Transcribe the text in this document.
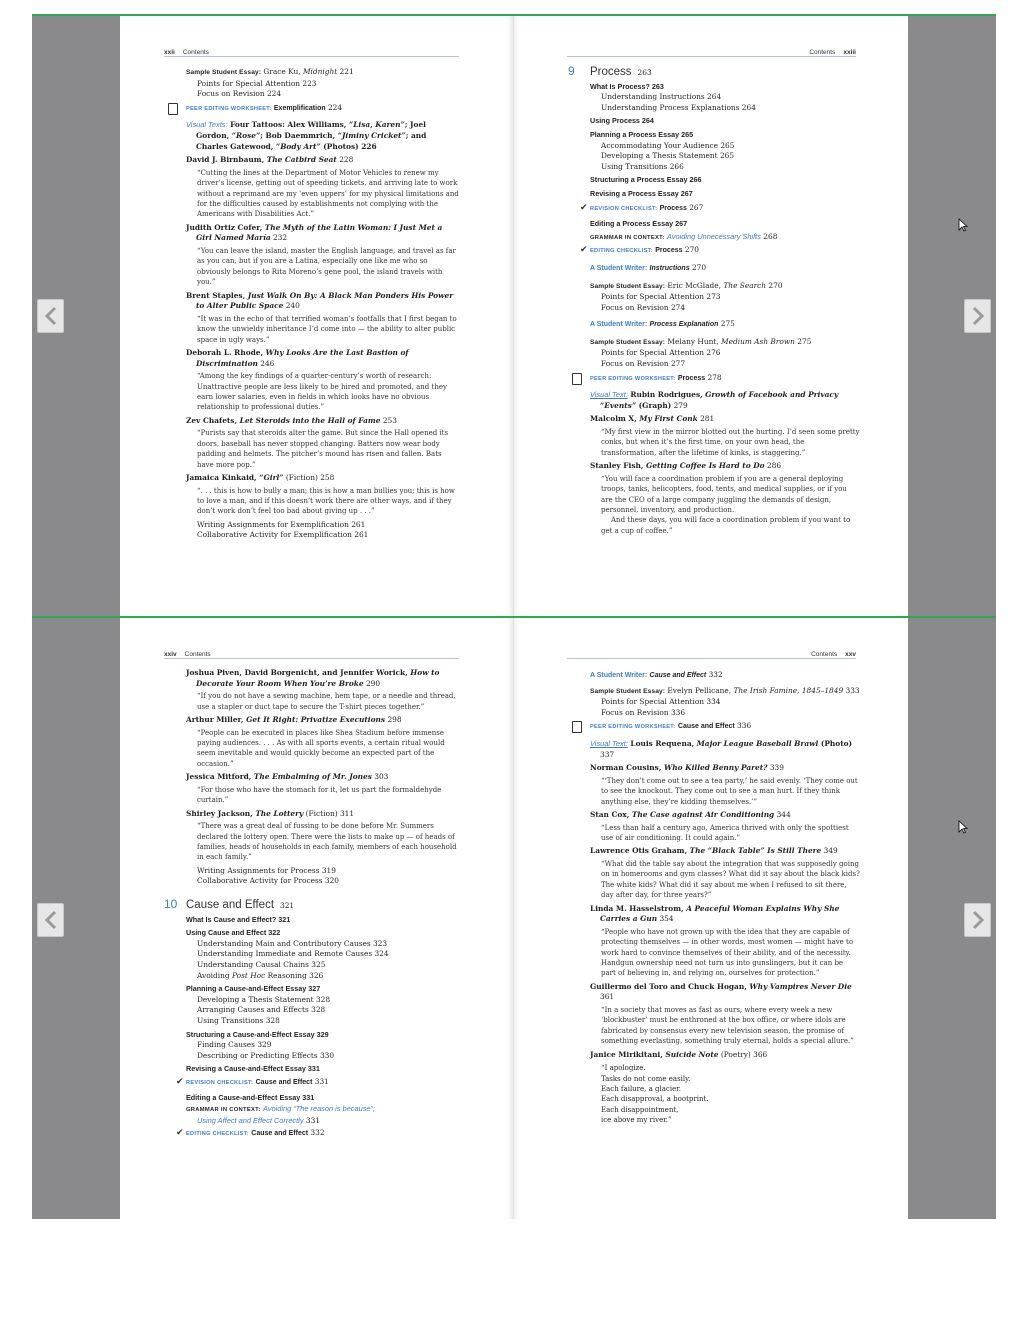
xxii Contents
Sample Student Essay: Grace Ku, Midnight 221
Points for Special Attention 223
Focus on Revision 224
PEER EDITING WORKSHEET: Exemplification 224
Visual Texts: Four Tattoos: Alex Williams, “Lisa, Karen”; Joel Gordon, “Rose”; Bob Daemmrich, “Jiminy Cricket”; and Charles Gatewood, “Body Art” (Photos) 226
David J. Birnbaum, The Catbird Seat 228
“Cutting the lines at the Department of Motor Vehicles to renew my driver’s license, getting out of speeding tickets, and arriving late to work without a reprimand are my ‘even uppers’ for my physical limitations and for the difficulties caused by establishments not complying with the Americans with Disabilities Act.”
Judith Ortiz Cofer, The Myth of the Latin Woman: I Just Met a Girl Named María 232
“You can leave the island, master the English language, and travel as far as you can, but if you are a Latina, especially one like me who so obviously belongs to Rita Moreno’s gene pool, the island travels with you.”
Brent Staples, Just Walk On By: A Black Man Ponders His Power to Alter Public Space 240
“It was in the echo of that terrified woman’s footfalls that I first began to know the unwieldy inheritance I’d come into — the ability to alter public space in ugly ways.”
Deborah L. Rhode, Why Looks Are the Last Bastion of Discrimination 246
“Among the key findings of a quarter-century’s worth of research: Unattractive people are less likely to be hired and promoted, and they earn lower salaries, even in fields in which looks have no obvious relationship to professional duties.”
Zev Chafets, Let Steroids into the Hall of Fame 253
“Purists say that steroids alter the game. But since the Hall opened its doors, baseball has never stopped changing. Batters now wear body padding and helmets. The pitcher’s mound has risen and fallen. Bats have more pop.”
Jamaica Kinkaid, “Girl” (Fiction) 258
“. . . this is how to bully a man; this is how a man bullies you; this is how to love a man, and if this doesn’t work there are other ways, and if they don’t work don’t feel too bad about giving up . . .”
Writing Assignments for Exemplification 261
Collaborative Activity for Exemplification 261
Contents xxiii
9	Process 263
What Is Process? 263
Understanding Instructions 264
Understanding Process Explanations 264
Using Process 264
Planning a Process Essay 265
Accommodating Your Audience 265
Developing a Thesis Statement 265
Using Transitions 266
Structuring a Process Essay 266
Revising a Process Essay 267
✔ REVISION CHECKLIST: Process 267
Editing a Process Essay 267
GRAMMAR IN CONTEXT: Avoiding Unnecessary Shifts 268
✔ EDITING CHECKLIST: Process 270
A Student Writer: Instructions 270
Sample Student Essay: Eric McGlade, The Search 270
Points for Special Attention 273
Focus on Revision 274
A Student Writer: Process Explanation 275
Sample Student Essay: Melany Hunt, Medium Ash Brown 275
Points for Special Attention 276
Focus on Revision 277
PEER EDITING WORKSHEET: Process 278
Visual Text: Rubin Rodrigues, Growth of Facebook and Privacy “Events” (Graph) 279
Malcolm X, My First Conk 281
“My first view in the mirror blotted out the hurting. I’d seen some pretty conks, but when it’s the first time, on your own head, the transformation, after the lifetime of kinks, is staggering.”
Stanley Fish, Getting Coffee Is Hard to Do 286
“You will face a coordination problem if you are a general deploying troops, tanks, helicopters, food, tents, and medical supplies, or if you are the CEO of a large company juggling the demands of design, personnel, inventory, and production.
And these days, you will face a coordination problem if you want to get a cup of coffee.”
xxiv Contents
Joshua Piven, David Borgenicht, and Jennifer Worick, How to Decorate Your Room When You’re Broke 290
“If you do not have a sewing machine, hem tape, or a needle and thread, use a stapler or duct tape to secure the T-shirt pieces together.”
Arthur Miller, Get It Right: Privatize Executions 298
“People can be executed in places like Shea Stadium before immense paying audiences. . . . As with all sports events, a certain ritual would seem inevitable and would quickly become an expected part of the occasion.”
Jessica Mitford, The Embalming of Mr. Jones 303
“For those who have the stomach for it, let us part the formaldehyde curtain.”
Shirley Jackson, The Lottery (Fiction) 311
“There was a great deal of fussing to be done before Mr. Summers declared the lottery open. There were the lists to make up — of heads of families, heads of households in each family, members of each household in each family.”
Writing Assignments for Process 319
Collaborative Activity for Process 320
10 Cause and Effect 321
What Is Cause and Effect? 321
Using Cause and Effect 322
Understanding Main and Contributory Causes 323
Understanding Immediate and Remote Causes 324
Understanding Causal Chains 325
Avoiding Post Hoc Reasoning 326
Planning a Cause-and-Effect Essay 327
Developing a Thesis Statement 328
Arranging Causes and Effects 328
Using Transitions 328
Structuring a Cause-and-Effect Essay 329
Finding Causes 329
Describing or Predicting Effects 330
Revising a Cause-and-Effect Essay 331
✔ REVISION CHECKLIST: Cause and Effect 331
Editing a Cause-and-Effect Essay 331
GRAMMAR IN CONTEXT: Avoiding “The reason is because”;
Using Affect and Effect Correctly 331
✔ EDITING CHECKLIST: Cause and Effect 332
Contents xxv
A Student Writer: Cause and Effect 332
Sample Student Essay: Evelyn Pellicane, The Irish Famine, 1845–1849 333
Points for Special Attention 334
Focus on Revision 336
PEER EDITING WORKSHEET: Cause and Effect 336
Visual Text: Louis Requena, Major League Baseball Brawl (Photo) 337
Norman Cousins, Who Killed Benny Paret? 339
“‘They don’t come out to see a tea party,’ he said evenly. ‘They come out to see the knockout. They come out to see a man hurt. If they think anything else, they’re kidding themselves.’”
Stan Cox, The Case against Air Conditioning 344
“Less than half a century ago, America thrived with only the spottiest use of air conditioning. It could again.”
Lawrence Otis Graham, The “Black Table” Is Still There 349
“What did the table say about the integration that was supposedly going on in homerooms and gym classes? What did it say about the black kids? The white kids? What did it say about me when I refused to sit there, day after day, for three years?”
Linda M. Hasselstrom, A Peaceful Woman Explains Why She Carries a Gun 354
“People who have not grown up with the idea that they are capable of protecting themselves — in other words, most women — might have to work hard to convince themselves of their ability, and of the necessity. Handgun ownership need not turn us into gunslingers, but it can be part of believing in, and relying on, ourselves for protection.”
Guillermo del Toro and Chuck Hogan, Why Vampires Never Die 361
“In a society that moves as fast as ours, where every week a new ‘blockbuster’ must be enthroned at the box office, or where idols are fabricated by consensus every new television season, the promise of something everlasting, something truly eternal, holds a special allure.”
Janice Mirikitani, Suicide Note (Poetry) 366
“I apologize.
Tasks do not come easily.
Each failure, a glacier.
Each disapproval, a bootprint.
Each disappointment,
ice above my river.”
